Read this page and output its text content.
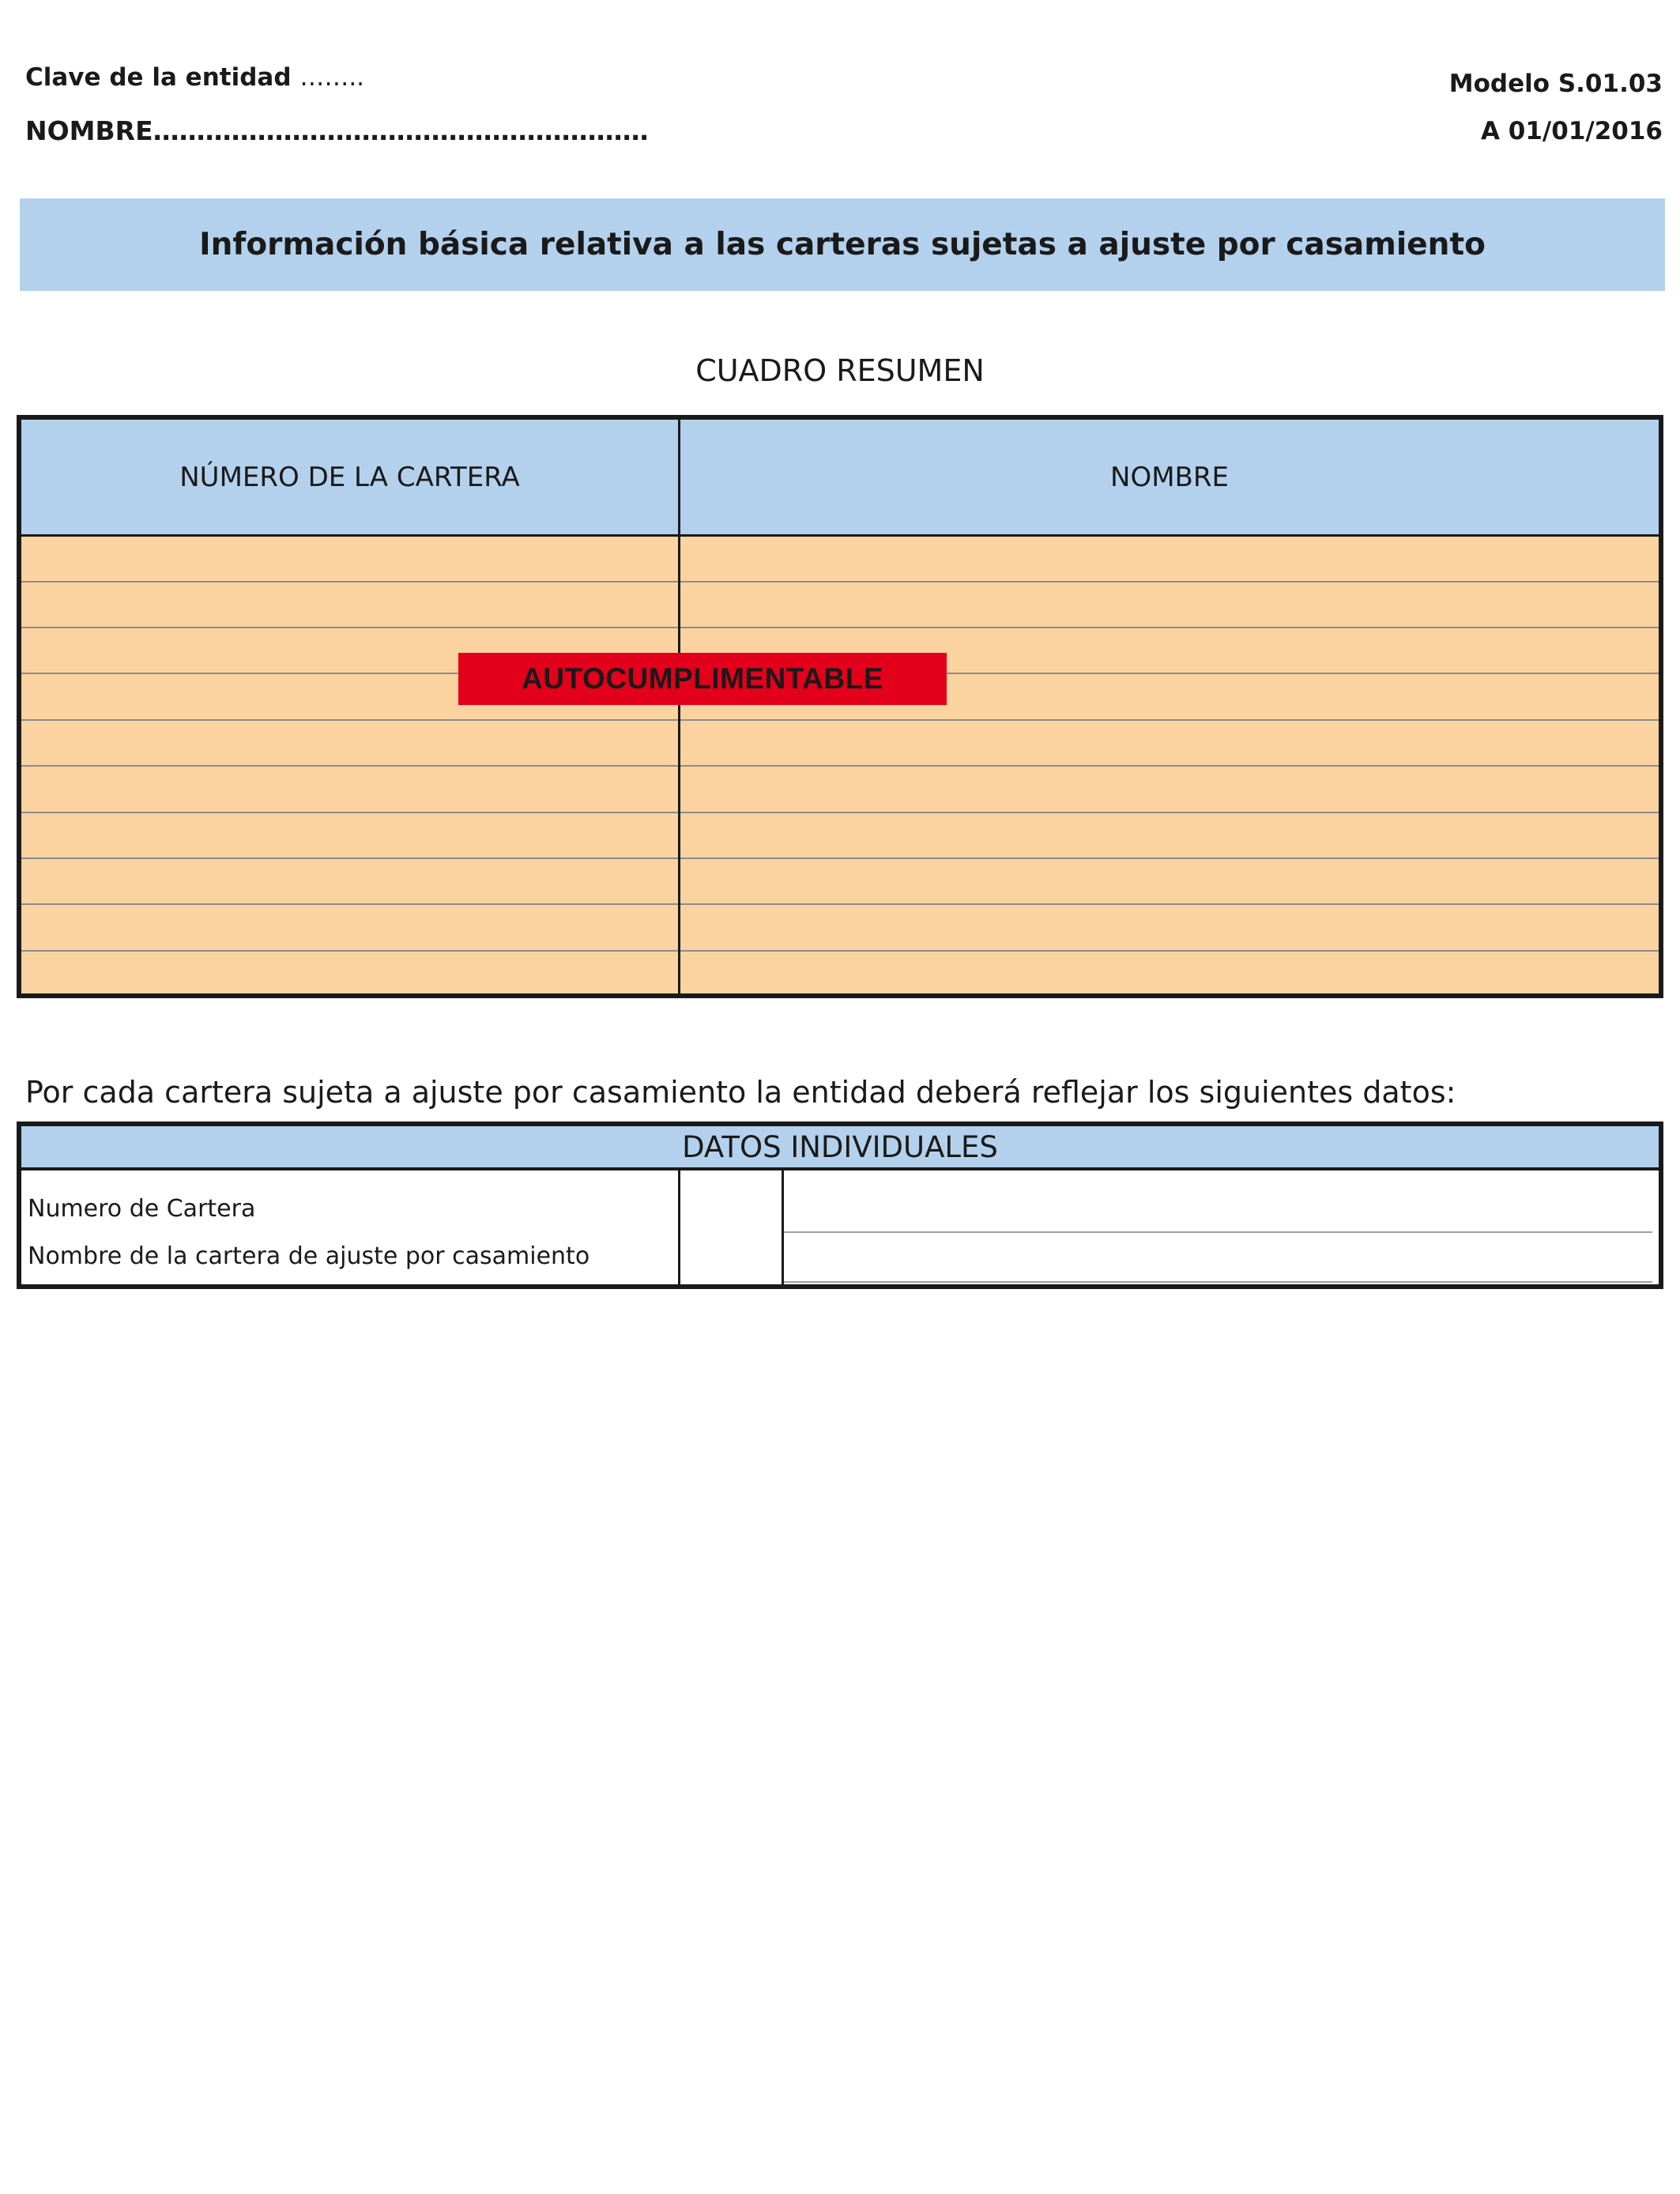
Clave de la entidad ……..
NOMBRE…………………………………………………
Modelo S.01.03
A 01/01/2016
Información básica relativa a las carteras sujetas a ajuste por casamiento
CUADRO RESUMEN
NÚMERO DE LA CARTERA	NOMBRE
AUTOCUMPLIMENTABLE
Por cada cartera sujeta a ajuste por casamiento la entidad deberá reflejar los siguientes datos:
DATOS INDIVIDUALES
Numero de Cartera
Nombre de la cartera de ajuste por casamiento
